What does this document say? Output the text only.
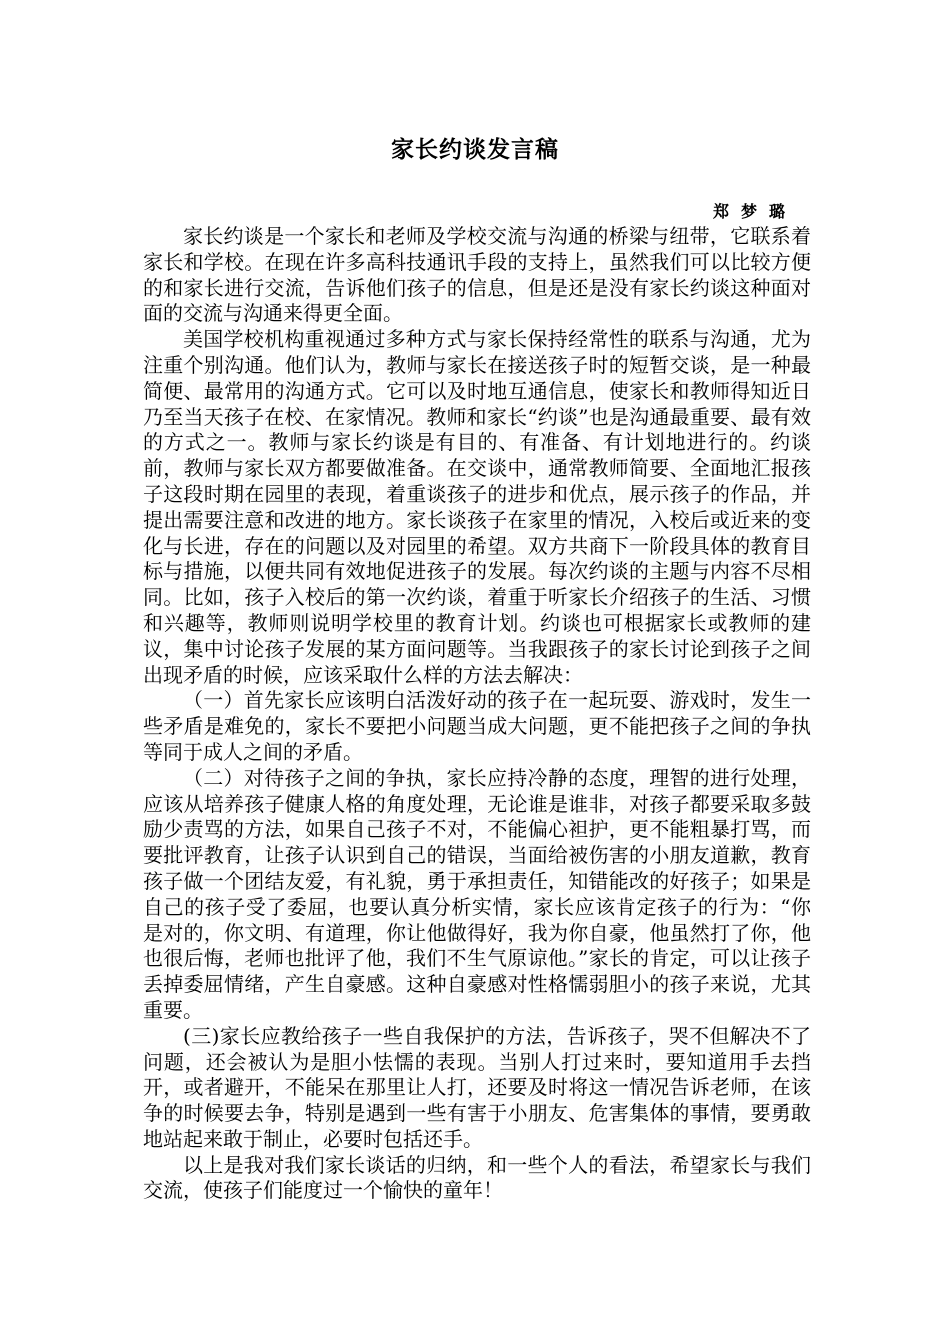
家长约谈发言稿
郑梦璐

家长约谈是一个家长和老师及学校交流与沟通的桥梁与纽带，它联系着家长和学校。在现在许多高科技通讯手段的支持上，虽然我们可以比较方便的和家长进行交流，告诉他们孩子的信息，但是还是没有家长约谈这种面对面的交流与沟通来得更全面。

美国学校机构重视通过多种方式与家长保持经常性的联系与沟通，尤为注重个别沟通。他们认为，教师与家长在接送孩子时的短暂交谈，是一种最简便、最常用的沟通方式。它可以及时地互通信息，使家长和教师得知近日乃至当天孩子在校、在家情况。教师和家长“约谈”也是沟通最重要、最有效的方式之一。教师与家长约谈是有目的、有准备、有计划地进行的。约谈前，教师与家长双方都要做准备。在交谈中，通常教师简要、全面地汇报孩子这段时期在园里的表现，着重谈孩子的进步和优点，展示孩子的作品，并提出需要注意和改进的地方。家长谈孩子在家里的情况，入校后或近来的变化与长进，存在的问题以及对园里的希望。双方共商下一阶段具体的教育目标与措施，以便共同有效地促进孩子的发展。每次约谈的主题与内容不尽相同。比如，孩子入校后的第一次约谈，着重于听家长介绍孩子的生活、习惯和兴趣等，教师则说明学校里的教育计划。约谈也可根据家长或教师的建议，集中讨论孩子发展的某方面问题等。当我跟孩子的家长讨论到孩子之间出现矛盾的时候，应该采取什么样的方法去解决：

（一）首先家长应该明白活泼好动的孩子在一起玩耍、游戏时，发生一些矛盾是难免的，家长不要把小问题当成大问题，更不能把孩子之间的争执等同于成人之间的矛盾。

（二）对待孩子之间的争执，家长应持冷静的态度，理智的进行处理，应该从培养孩子健康人格的角度处理，无论谁是谁非，对孩子都要采取多鼓励少责骂的方法，如果自己孩子不对，不能偏心袒护，更不能粗暴打骂，而要批评教育，让孩子认识到自己的错误，当面给被伤害的小朋友道歉，教育孩子做一个团结友爱，有礼貌，勇于承担责任，知错能改的好孩子；如果是自己的孩子受了委屈，也要认真分析实情，家长应该肯定孩子的行为：“你是对的，你文明、有道理，你让他做得好，我为你自豪，他虽然打了你，他也很后悔，老师也批评了他，我们不生气原谅他。”家长的肯定，可以让孩子丢掉委屈情绪，产生自豪感。这种自豪感对性格懦弱胆小的孩子来说，尤其重要。

(三)家长应教给孩子一些自我保护的方法，告诉孩子，哭不但解决不了问题，还会被认为是胆小怯懦的表现。当别人打过来时，要知道用手去挡开，或者避开，不能呆在那里让人打，还要及时将这一情况告诉老师，在该争的时候要去争，特别是遇到一些有害于小朋友、危害集体的事情，要勇敢地站起来敢于制止，必要时包括还手。

以上是我对我们家长谈话的归纳，和一些个人的看法，希望家长与我们交流，使孩子们能度过一个愉快的童年！
